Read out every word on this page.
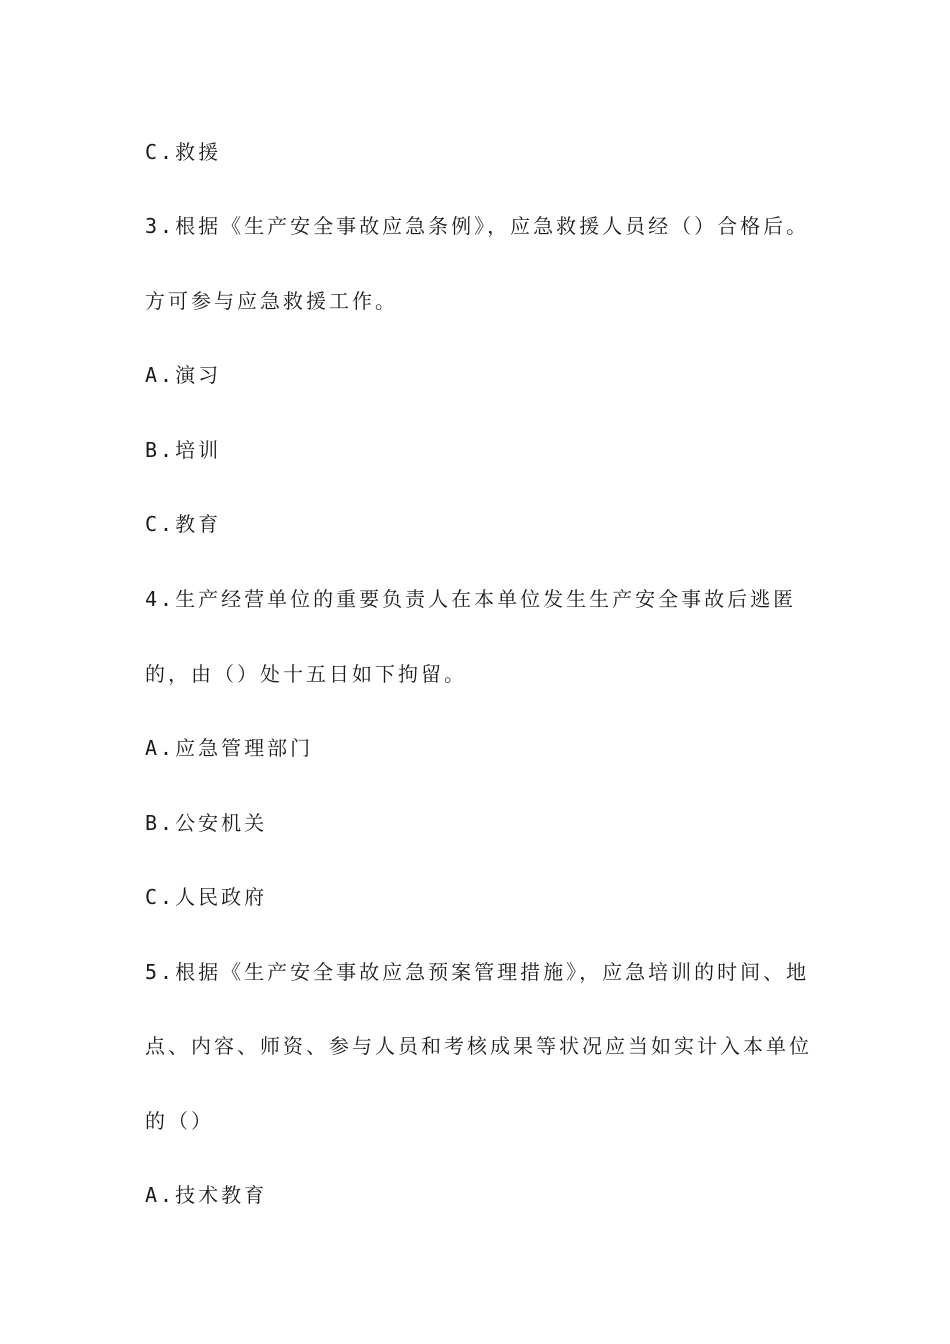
C.救援
3.根据《生产安全事故应急条例》，应急救援人员经（）合格后。
方可参与应急救援工作。
A.演习
B.培训
C.教育
4.生产经营单位的重要负责人在本单位发生生产安全事故后逃匿
的，由（）处十五日如下拘留。
A.应急管理部门
B.公安机关
C.人民政府
5.根据《生产安全事故应急预案管理措施》，应急培训的时间、地
点、内容、师资、参与人员和考核成果等状况应当如实计入本单位
的（）
A.技术教育
